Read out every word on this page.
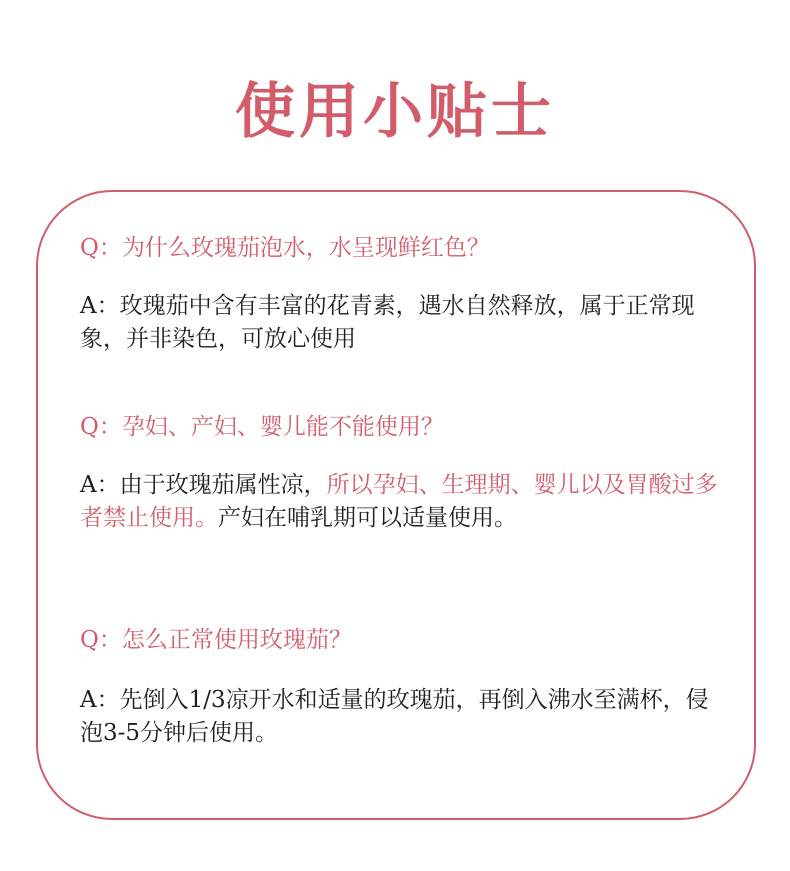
使用小贴士

Q：为什么玫瑰茄泡水，水呈现鲜红色？

A：玫瑰茄中含有丰富的花青素，遇水自然释放，属于正常现象，并非染色，可放心使用

Q：孕妇、产妇、婴儿能不能使用？

A：由于玫瑰茄属性凉，所以孕妇、生理期、婴儿以及胃酸过多者禁止使用。产妇在哺乳期可以适量使用。

Q：怎么正常使用玫瑰茄？

A：先倒入1/3凉开水和适量的玫瑰茄，再倒入沸水至满杯，侵泡3-5分钟后使用。
